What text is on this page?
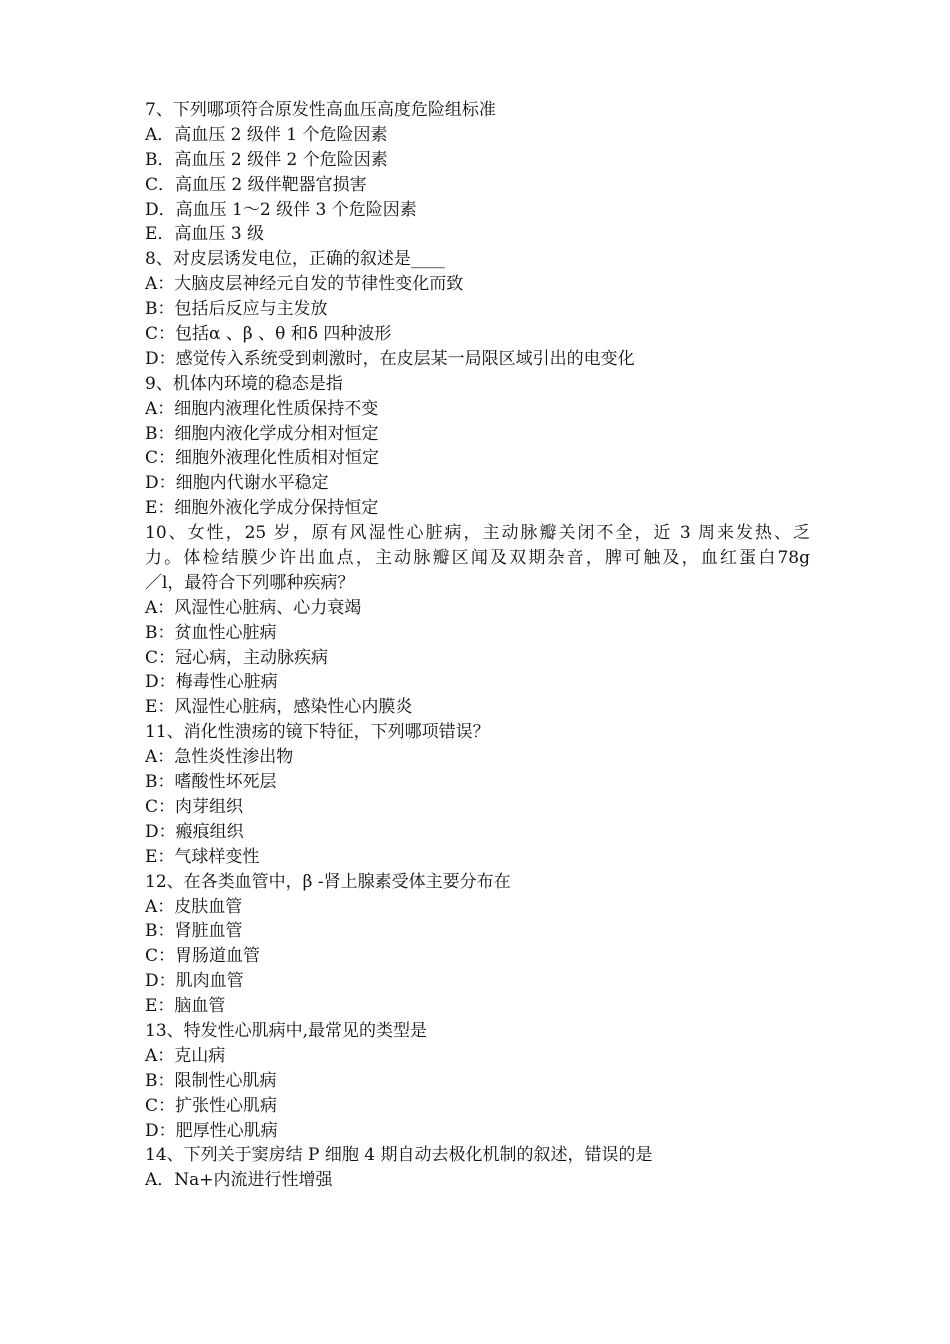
7、下列哪项符合原发性高血压高度危险组标准
A．高血压 2 级伴 1 个危险因素
B．高血压 2 级伴 2 个危险因素
C．高血压 2 级伴靶器官损害
D．高血压 1～2 级伴 3 个危险因素
E．高血压 3 级
8、对皮层诱发电位，正确的叙述是____
A：大脑皮层神经元自发的节律性变化而致
B：包括后反应与主发放
C：包括α 、β 、θ 和δ 四种波形
D：感觉传入系统受到刺激时，在皮层某一局限区域引出的电变化
9、机体内环境的稳态是指
A：细胞内液理化性质保持不变
B：细胞内液化学成分相对恒定
C：细胞外液理化性质相对恒定
D：细胞内代谢水平稳定
E：细胞外液化学成分保持恒定
10、女性，25 岁，原有风湿性心脏病，主动脉瓣关闭不全，近 3 周来发热、乏
力。体检结膜少许出血点，主动脉瓣区闻及双期杂音，脾可触及，血红蛋白78g
／l，最符合下列哪种疾病？
A：风湿性心脏病、心力衰竭
B：贫血性心脏病
C：冠心病，主动脉疾病
D：梅毒性心脏病
E：风湿性心脏病，感染性心内膜炎
11、消化性溃疡的镜下特征，下列哪项错误？
A：急性炎性渗出物
B：嗜酸性坏死层
C：肉芽组织
D：瘢痕组织
E：气球样变性
12、在各类血管中，β -肾上腺素受体主要分布在
A：皮肤血管
B：肾脏血管
C：胃肠道血管
D：肌肉血管
E：脑血管
13、特发性心肌病中,最常见的类型是
A：克山病
B：限制性心肌病
C：扩张性心肌病
D：肥厚性心肌病
14、下列关于窦房结 P 细胞 4 期自动去极化机制的叙述，错误的是
A．Na+内流进行性增强
